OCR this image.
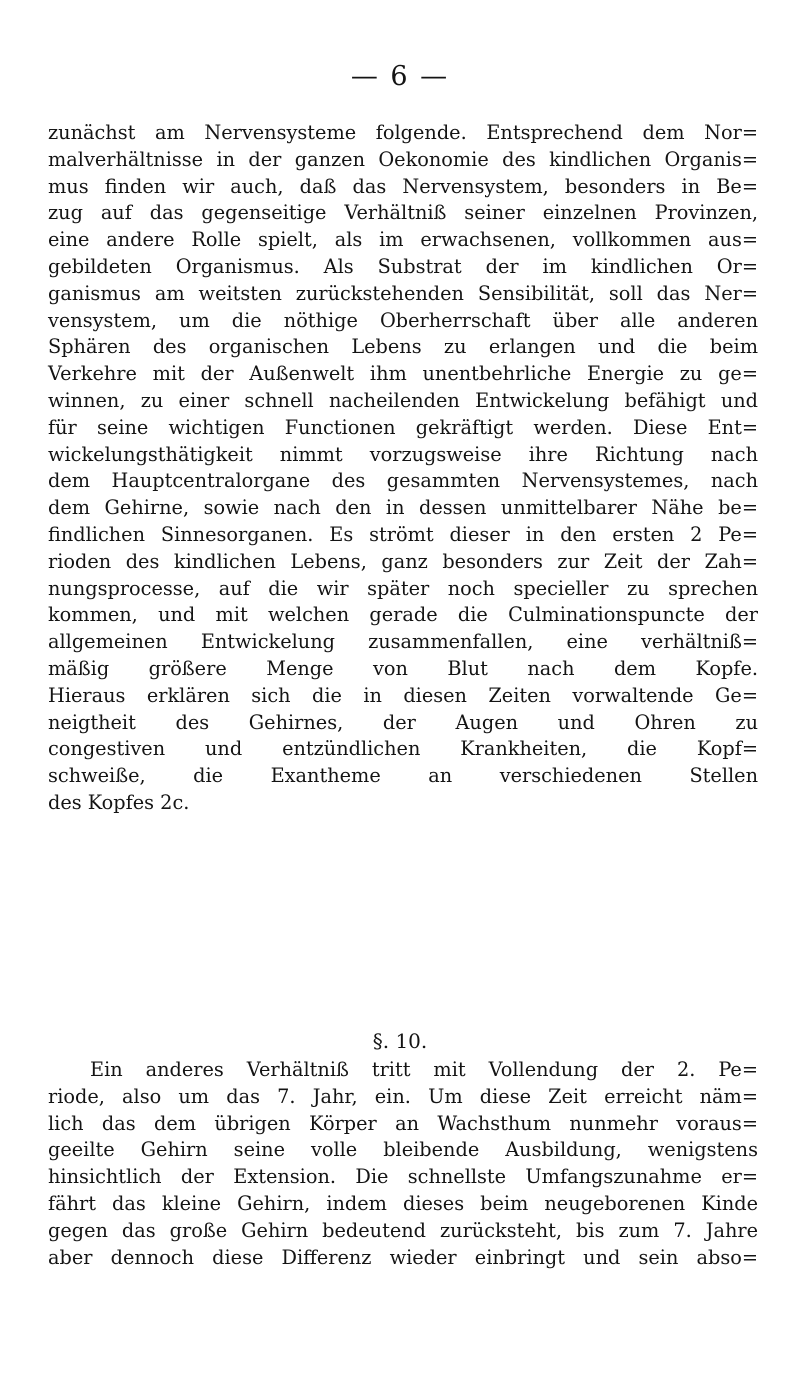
— 6 —

zunächst am Nervensysteme folgende. Entsprechend dem Nor=
malverhältnisse in der ganzen Oekonomie des kindlichen Organis=
mus finden wir auch, daß das Nervensystem, besonders in Be=
zug auf das gegenseitige Verhältniß seiner einzelnen Provinzen,
eine andere Rolle spielt, als im erwachsenen, vollkommen aus=
gebildeten Organismus. Als Substrat der im kindlichen Or=
ganismus am weitsten zurückstehenden Sensibilität, soll das Ner=
vensystem, um die nöthige Oberherrschaft über alle anderen
Sphären des organischen Lebens zu erlangen und die beim
Verkehre mit der Außenwelt ihm unentbehrliche Energie zu ge=
winnen, zu einer schnell nacheilenden Entwickelung befähigt und
für seine wichtigen Functionen gekräftigt werden. Diese Ent=
wickelungsthätigkeit nimmt vorzugsweise ihre Richtung nach
dem Hauptcentralorgane des gesammten Nervensystemes, nach
dem Gehirne, sowie nach den in dessen unmittelbarer Nähe be=
findlichen Sinnesorganen. Es strömt dieser in den ersten 2 Pe=
rioden des kindlichen Lebens, ganz besonders zur Zeit der Zah=
nungsprocesse, auf die wir später noch specieller zu sprechen
kommen, und mit welchen gerade die Culminationspuncte der
allgemeinen Entwickelung zusammenfallen, eine verhältniß=
mäßig größere Menge von Blut nach dem Kopfe.
Hieraus erklären sich die in diesen Zeiten vorwaltende Ge=
neigtheit des Gehirnes, der Augen und Ohren zu
congestiven und entzündlichen Krankheiten, die Kopf=
schweiße, die Exantheme an verschiedenen Stellen
des Kopfes 2c.

§. 10.

Ein anderes Verhältniß tritt mit Vollendung der 2. Pe=
riode, also um das 7. Jahr, ein. Um diese Zeit erreicht näm=
lich das dem übrigen Körper an Wachsthum nunmehr voraus=
geeilte Gehirn seine volle bleibende Ausbildung, wenigstens
hinsichtlich der Extension. Die schnellste Umfangszunahme er=
fährt das kleine Gehirn, indem dieses beim neugeborenen Kinde
gegen das große Gehirn bedeutend zurücksteht, bis zum 7. Jahre
aber dennoch diese Differenz wieder einbringt und sein abso=
